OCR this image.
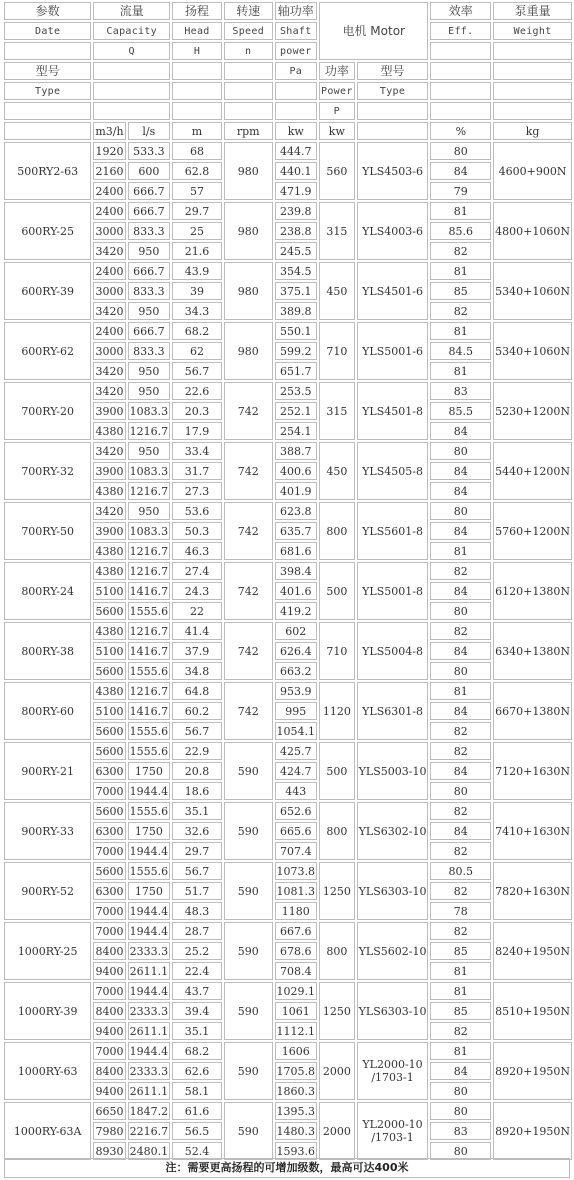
参数	流量		扬程	转速	轴功率	电机 Motor		效率	泵重量
Date	Capacity		Head	Speed	Shaft			Eff.	Weight
	Q		H	n	power				
型号					Pa	功率	型号		
Type						Power	Type		
						P			
	m3/h	l/s	m	rpm	kw	kw		%	kg
500RY2-63	1920	533.3	68	980	444.7	560	YLS4503-6	80	4600+900N
	2160	600	62.8		440.1			84	
	2400	666.7	57		471.9			79	
600RY-25	2400	666.7	29.7	980	239.8	315	YLS4003-6	81	4800+1060N
	3000	833.3	25		238.8			85.6	
	3420	950	21.6		245.5			82	
600RY-39	2400	666.7	43.9	980	354.5	450	YLS4501-6	81	5340+1060N
	3000	833.3	39		375.1			85	
	3420	950	34.3		389.8			82	
600RY-62	2400	666.7	68.2	980	550.1	710	YLS5001-6	81	5340+1060N
	3000	833.3	62		599.2			84.5	
	3420	950	56.7		651.7			81	
700RY-20	3420	950	22.6	742	253.5	315	YLS4501-8	83	5230+1200N
	3900	1083.3	20.3		252.1			85.5	
	4380	1216.7	17.9		254.1			84	
700RY-32	3420	950	33.4	742	388.7	450	YLS4505-8	80	5440+1200N
	3900	1083.3	31.7		400.6			84	
	4380	1216.7	27.3		401.9			84	
700RY-50	3420	950	53.6	742	623.8	800	YLS5601-8	80	5760+1200N
	3900	1083.3	50.3		635.7			84	
	4380	1216.7	46.3		681.6			81	
800RY-24	4380	1216.7	27.4	742	398.4	500	YLS5001-8	82	6120+1380N
	5100	1416.7	24.3		401.6			84	
	5600	1555.6	22		419.2			80	
800RY-38	4380	1216.7	41.4	742	602	710	YLS5004-8	82	6340+1380N
	5100	1416.7	37.9		626.4			84	
	5600	1555.6	34.8		663.2			80	
800RY-60	4380	1216.7	64.8	742	953.9	1120	YLS6301-8	81	6670+1380N
	5100	1416.7	60.2		995			84	
	5600	1555.6	56.7		1054.1			82	
900RY-21	5600	1555.6	22.9	590	425.7	500	YLS5003-10	82	7120+1630N
	6300	1750	20.8		424.7			84	
	7000	1944.4	18.6		443			80	
900RY-33	5600	1555.6	35.1	590	652.6	800	YLS6302-10	82	7410+1630N
	6300	1750	32.6		665.6			84	
	7000	1944.4	29.7		707.4			82	
900RY-52	5600	1555.6	56.7	590	1073.8	1250	YLS6303-10	80.5	7820+1630N
	6300	1750	51.7		1081.3			82	
	7000	1944.4	48.3		1180			78	
1000RY-25	7000	1944.4	28.7	590	667.6	800	YLS5602-10	82	8240+1950N
	8400	2333.3	25.2		678.6			85	
	9400	2611.1	22.4		708.4			81	
1000RY-39	7000	1944.4	43.7	590	1029.1	1250	YLS6303-10	81	8510+1950N
	8400	2333.3	39.4		1061			85	
	9400	2611.1	35.1		1112.1			82	
1000RY-63	7000	1944.4	68.2	590	1606	2000	YL2000-10 /1703-1	81	8920+1950N
	8400	2333.3	62.6		1705.8			84	
	9400	2611.1	58.1		1860.3			80	
1000RY-63A	6650	1847.2	61.6	590	1395.3	2000	YL2000-10 /1703-1	80	8920+1950N
	7980	2216.7	56.5		1480.3			83	
	8930	2480.1	52.4		1593.6			80	
注：需要更高扬程的可增加级数，最高可达400米
